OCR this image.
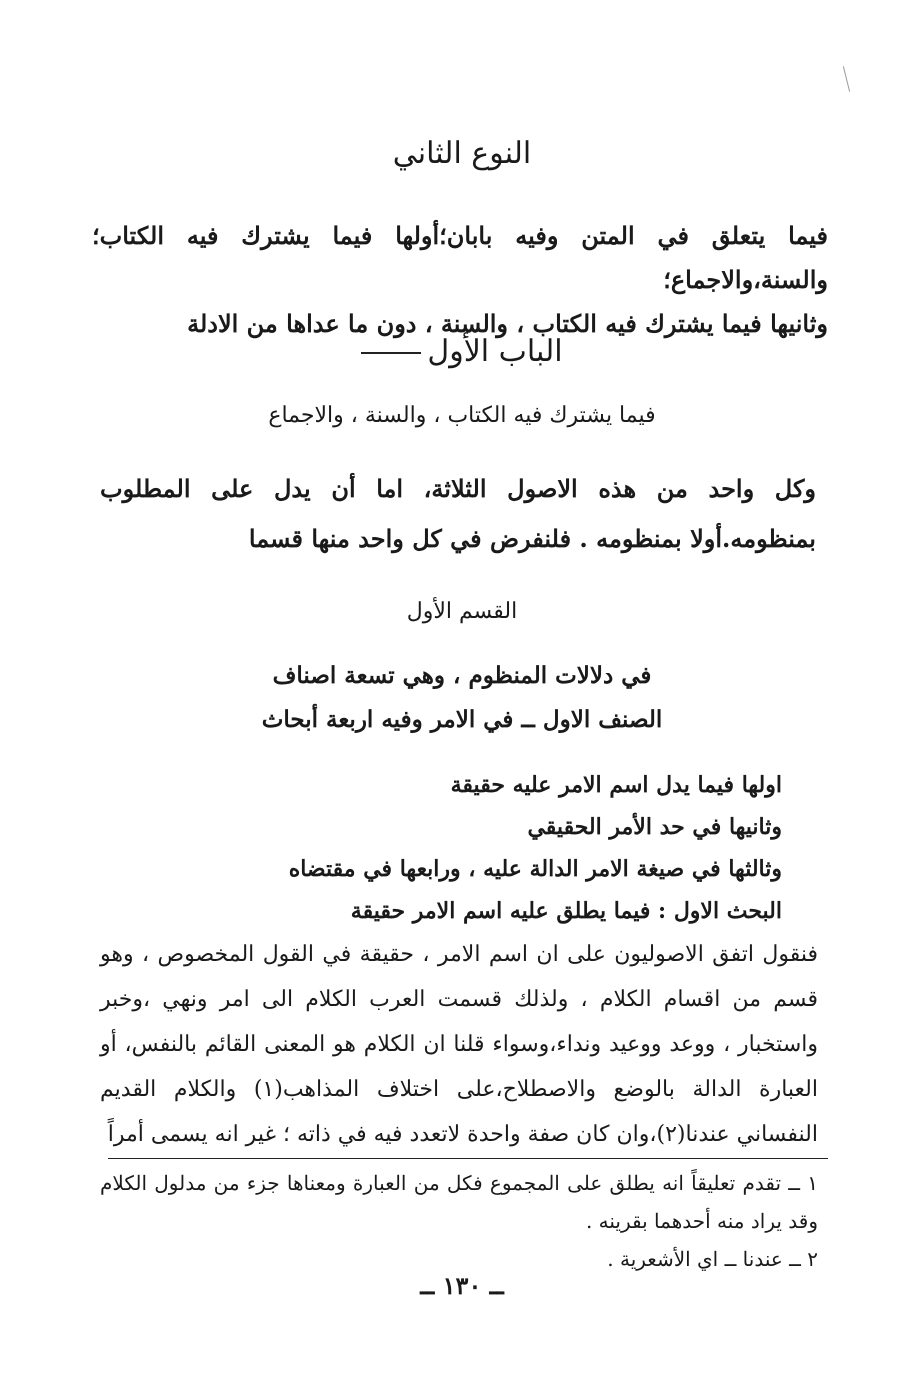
النوع الثاني
فيما يتعلق في المتن وفيه بابان؛أولها فيما يشترك فيه الكتاب؛والسنة،والاجماع؛
وثانيها فيما يشترك فيه الكتاب ، والسنة ، دون ما عداها من الادلة
الباب الأول
فيما يشترك فيه الكتاب ، والسنة ، والاجماع
وكل واحد من هذه الاصول الثلاثة، اما أن يدل على المطلوب بمنظومه.أولا بمنظومه . فلنفرض في كل واحد منها قسما
القسم الأول
في دلالات المنظوم ، وهي تسعة اصناف
الصنف الاول ــ في الامر وفيه اربعة أبحاث
اولها فيما يدل اسم الامر عليه حقيقة
وثانيها في حد الأمر الحقيقي
وثالثها في صيغة الامر الدالة عليه ، ورابعها في مقتضاه
البحث الاول : فيما يطلق عليه اسم الامر حقيقة
فنقول اتفق الاصوليون على ان اسم الامر ، حقيقة في القول المخصوص ، وهو قسم من اقسام الكلام ، ولذلك قسمت العرب الكلام الى امر ونهي ،وخبر واستخبار ، ووعد ووعيد ونداء،وسواء قلنا ان الكلام هو المعنى القائم بالنفس، أو العبارة الدالة بالوضع والاصطلاح،على اختلاف المذاهب(١) والكلام القديم النفساني عندنا(٢)،وان كان صفة واحدة لاتعدد فيه في ذاته ؛ غير انه يسمى أمراً
١ ــ تقدم تعليقاً انه يطلق على المجموع فكل من العبارة ومعناها جزء من مدلول الكلام وقد يراد منه أحدهما بقرينه .
٢ ــ عندنا ــ اي الأشعرية .
ــ ١٣٠ ــ
